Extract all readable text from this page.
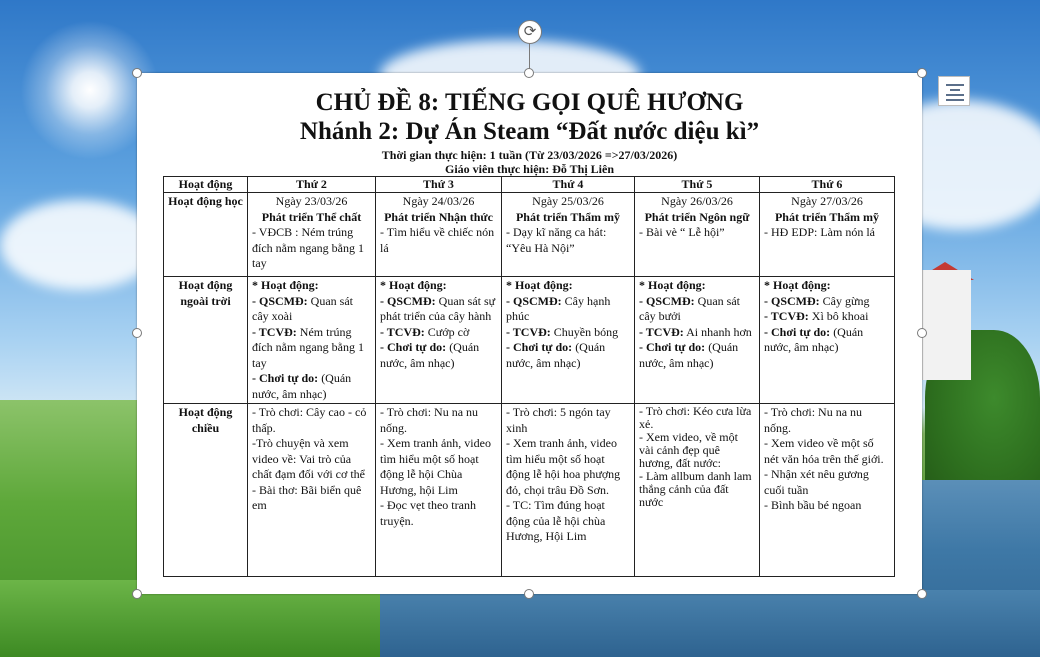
⟳
CHỦ ĐỀ 8: TIẾNG GỌI QUÊ HƯƠNG
Nhánh 2: Dự Án Steam “Đất nước diệu kì”
Thời gian thực hiện: 1 tuần (Từ 23/03/2026 =>27/03/2026)
Giáo viên thực hiện: Đỗ Thị Liên
Hoạt động	Thứ 2	Thứ 3	Thứ 4	Thứ 5	Thứ 6
Hoạt động học	Ngày 23/03/26
Phát triển Thể chất
- VĐCB : Ném trúng đích nằm ngang bằng 1 tay	Ngày 24/03/26
Phát triển Nhận thức
- Tìm hiểu về chiếc nón lá	Ngày 25/03/26
Phát triển Thẩm mỹ
- Dạy kĩ năng ca hát: “Yêu Hà Nội”	Ngày 26/03/26
Phát triển Ngôn ngữ
- Bài vè “ Lễ hội”	Ngày 27/03/26
Phát triển Thẩm mỹ
- HĐ EDP: Làm nón lá

Hoạt động ngoài trời	* Hoạt động:
- QSCMĐ: Quan sát cây xoài
- TCVĐ: Ném trúng đích nằm ngang bằng 1 tay
- Chơi tự do: (Quán nước, âm nhạc)	* Hoạt động:
- QSCMĐ: Quan sát sự phát triển của cây hành
- TCVĐ: Cướp cờ
- Chơi tự do: (Quán nước, âm nhạc)	* Hoạt động:
- QSCMĐ: Cây hạnh phúc
- TCVĐ: Chuyền bóng
- Chơi tự do: (Quán nước, âm nhạc)	* Hoạt động:
- QSCMĐ: Quan sát cây bưởi
- TCVĐ: Ai nhanh hơn
- Chơi tự do: (Quán nước, âm nhạc)	* Hoạt động:
- QSCMĐ: Cây gừng
- TCVĐ: Xì bô khoai
- Chơi tự do: (Quán nước, âm nhạc)

Hoạt động chiều	- Trò chơi: Cây cao - cỏ thấp.
-Trò chuyện và xem video về: Vai trò của chất đạm đối với cơ thể
- Bài thơ: Bãi biển quê em	- Trò chơi: Nu na nu nống.
- Xem tranh ảnh, video tìm hiểu một số hoạt động lễ hội Chùa Hương, hội Lim
- Đọc vẹt theo tranh truyện.	- Trò chơi: 5 ngón tay xinh
- Xem tranh ảnh, video tìm hiểu một số hoạt động lễ hội hoa phượng đỏ, chọi trâu Đồ Sơn.
- TC: Tìm đúng hoạt động của lễ hội chùa Hương, Hội Lim	- Trò chơi: Kéo cưa lừa xẻ.
- Xem video, về một vài cảnh đẹp quê hương, đất nước:
- Làm allbum danh lam thắng cảnh của đất nước	- Trò chơi: Nu na nu nống.
- Xem video về một số nét văn hóa trên thế giới.
- Nhận xét nêu gương cuối tuần
- Bình bầu bé ngoan
